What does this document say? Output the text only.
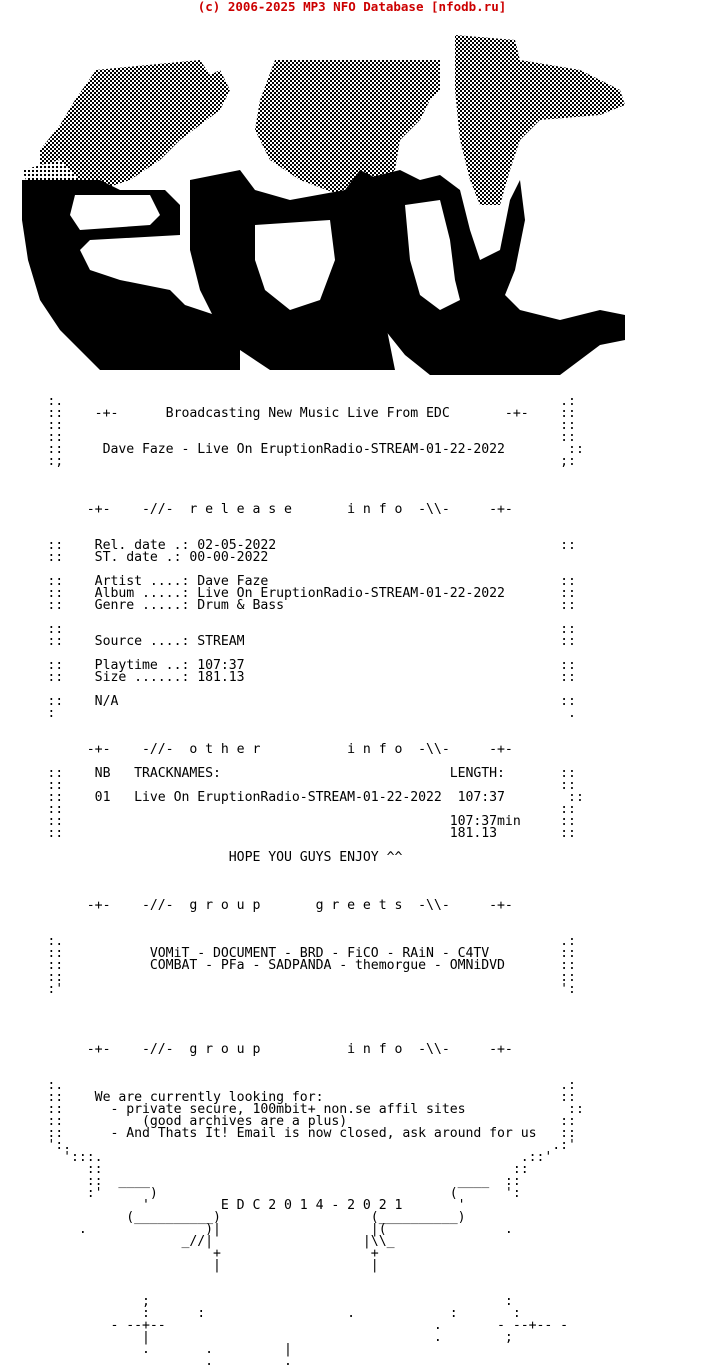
(c) 2006-2025 MP3 NFO Database [nfodb.ru]
:.                                                               .:
::    -+-      Broadcasting New Music Live From EDC       -+-    ::
::                                                               ::
::                                                               ::
::     Dave Faze - Live On EruptionRadio-STREAM-01-22-2022        ::
:;                                                               ;:
-+-    -//-  r e l e a s e       i n f o  -\\-     -+-
::    Rel. date .: 02-05-2022                                    ::
::    ST. date .: 00-00-2022
::    Artist ....: Dave Faze                                     ::
::    Album .....: Live On EruptionRadio-STREAM-01-22-2022       ::
::    Genre .....: Drum & Bass                                   ::
::                                                               ::
::    Source ....: STREAM                                        ::
::    Playtime ..: 107:37                                        ::
::    Size ......: 181.13                                        ::
::    N/A                                                        ::
:                                                                 .
-+-    -//-  o t h e r           i n f o  -\\-     -+-
::    NB   TRACKNAMES:                             LENGTH:       ::
::                                                               ::
::    01   Live On EruptionRadio-STREAM-01-22-2022  107:37        ::
::                                                               ::
::                                                 107:37min     ::
::                                                 181.13        ::
HOPE YOU GUYS ENJOY ^^
-+-    -//-  g r o u p       g r e e t s  -\\-     -+-
:.                                                               .:
::           VOMiT - DOCUMENT - BRD - FiCO - RAiN - C4TV         ::
::           COMBAT - PFa - SADPANDA - themorgue - OMNiDVD       ::
::                                                               ::
:'                                                               ':
-+-    -//-  g r o u p           i n f o  -\\-     -+-
:.                                                               .:
::    We are currently looking for:                              ::
::      - private secure, 100mbit+ non.se affil sites             ::
::          (good archives are a plus)                           ::
::      - And Thats It! Email is now closed, ask around for us   ::
':.                                                             .:'
':::.                                                     .::'
::                                                    ::
::  ____                                       ____  ::
:'      )                                     (      ':
'         E D C 2 0 1 4 - 2 0 2 1       '
(__________)                   (__________)
.               )|                   |(               .
_//|                   |\\_
+                   +
|                   |
;                                             :
:      :                  .            :       :
- --+--                                  .       - --+-- -
|                                    .        ;
.       .         |
.         .
